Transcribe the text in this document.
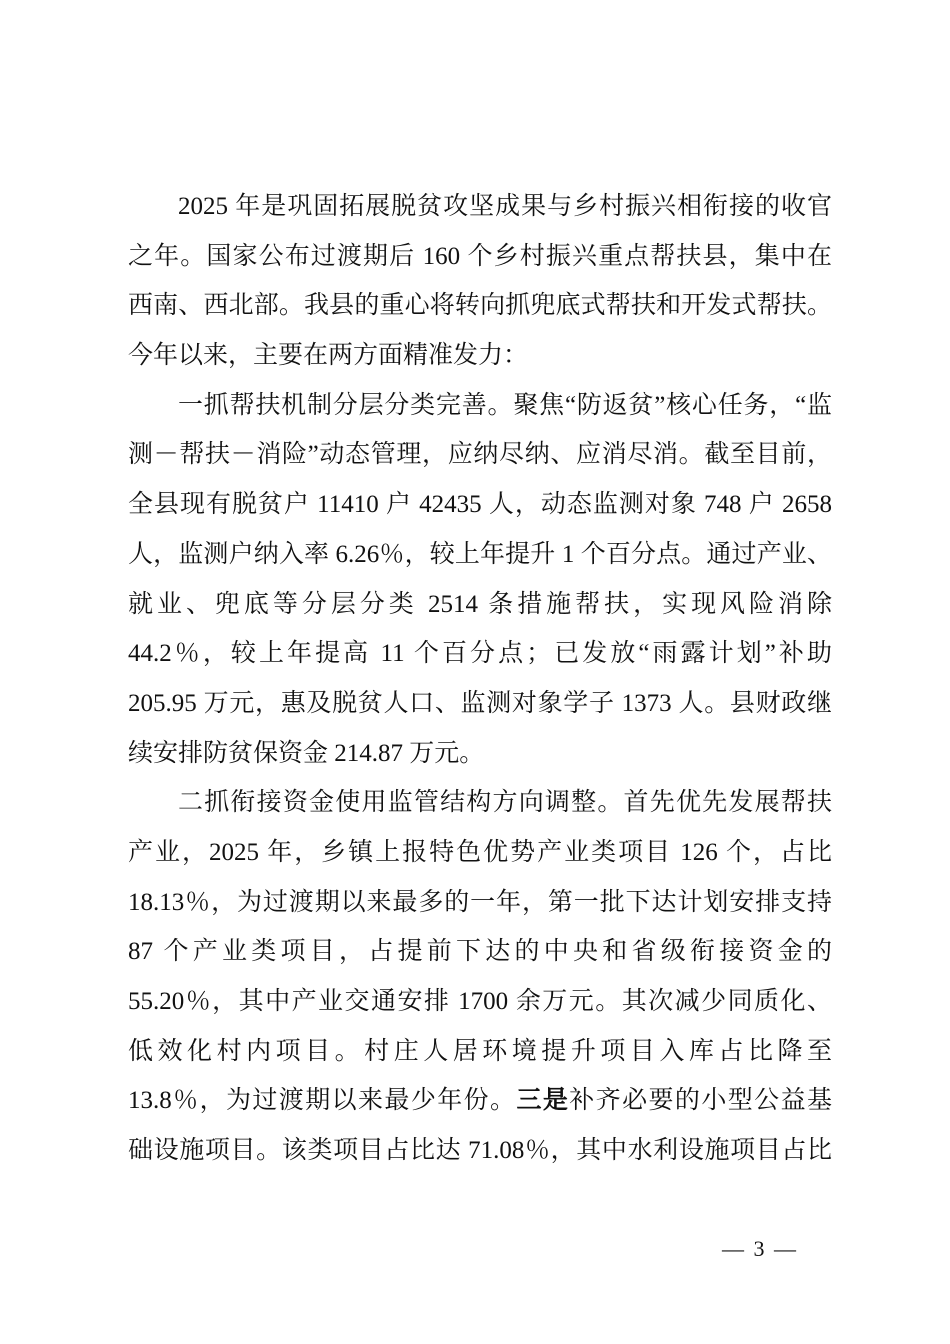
2025 年是巩固拓展脱贫攻坚成果与乡村振兴相衔接的收官
之年。国家公布过渡期后 160 个乡村振兴重点帮扶县，集中在
西南、西北部。我县的重心将转向抓兜底式帮扶和开发式帮扶。
今年以来，主要在两方面精准发力：
一抓帮扶机制分层分类完善。聚焦“防返贫”核心任务，“监
测－帮扶－消险”动态管理，应纳尽纳、应消尽消。截至目前，
全县现有脱贫户 11410 户 42435 人，动态监测对象 748 户 2658
人，监测户纳入率 6.26％，较上年提升 1 个百分点。通过产业、
就业、兜底等分层分类 2514 条措施帮扶，实现风险消除
44.2％，较上年提高 11 个百分点；已发放“雨露计划”补助
205.95 万元，惠及脱贫人口、监测对象学子 1373 人。县财政继
续安排防贫保资金 214.87 万元。
二抓衔接资金使用监管结构方向调整。首先优先发展帮扶
产业，2025 年，乡镇上报特色优势产业类项目 126 个，占比
18.13％，为过渡期以来最多的一年，第一批下达计划安排支持
87 个产业类项目，占提前下达的中央和省级衔接资金的
55.20％，其中产业交通安排 1700 余万元。其次减少同质化、
低效化村内项目。村庄人居环境提升项目入库占比降至
13.8％，为过渡期以来最少年份。三是补齐必要的小型公益基
础设施项目。该类项目占比达 71.08％，其中水利设施项目占比
— 3 —
